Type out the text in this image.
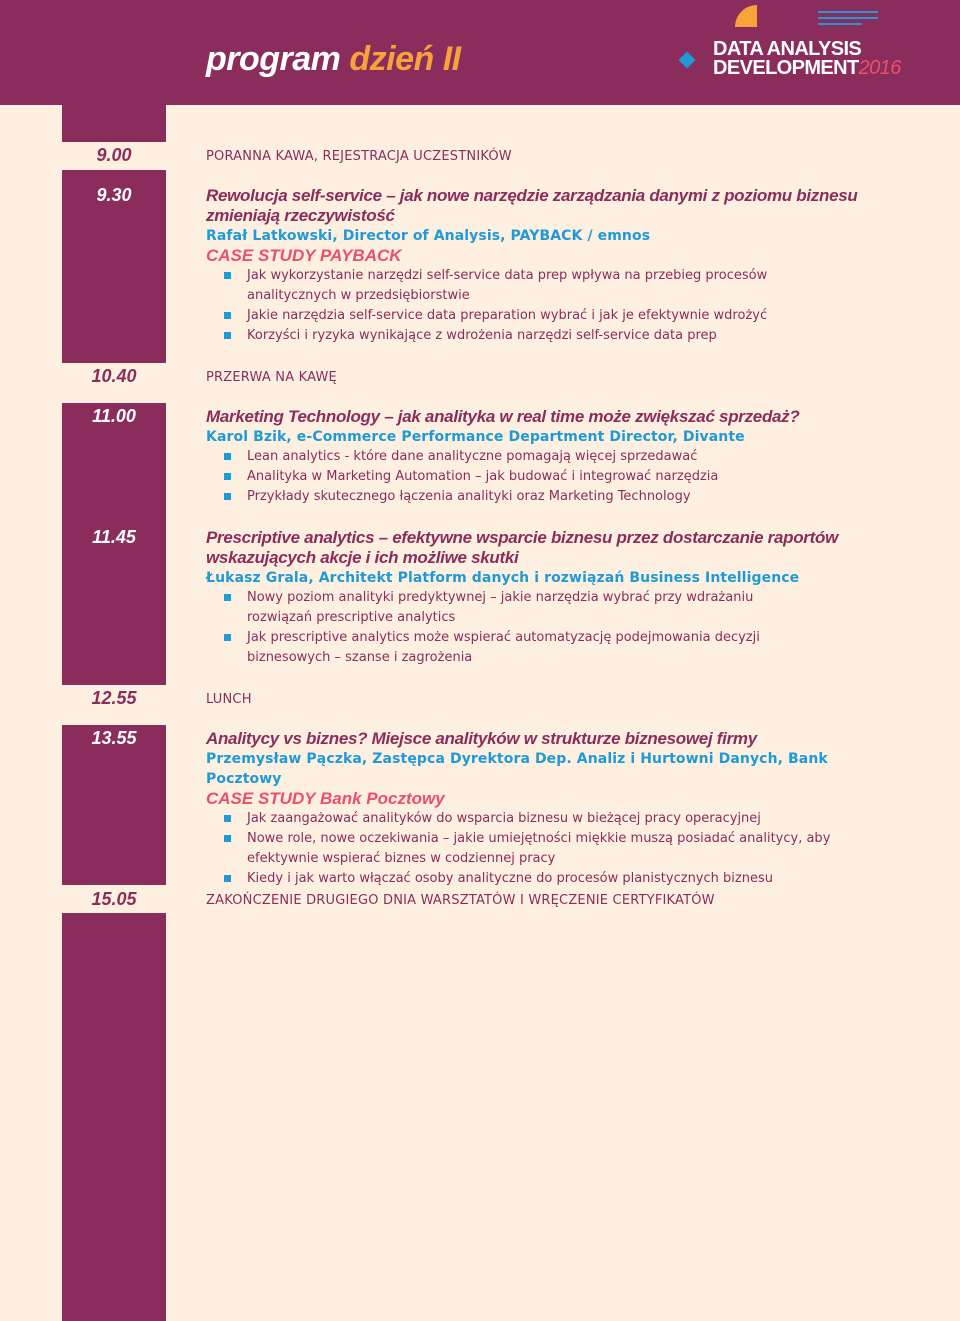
program dzień II	DATA ANALYSIS
DEVELOPMENT2016
9.00
9.30
10.40
11.00
11.45
12.55
13.55
15.05
PORANNA KAWA, REJESTRACJA UCZESTNIKÓW
Rewolucja self-service – jak nowe narzędzie zarządzania danymi z poziomu biznesu zmieniają rzeczywistość
Rafał Latkowski, Director of Analysis, PAYBACK / emnos
CASE STUDY PAYBACK
Jak wykorzystanie narzędzi self-service data prep wpływa na przebieg procesów analitycznych w przedsiębiorstwie
Jakie narzędzia self-service data preparation wybrać i jak je efektywnie wdrożyć
Korzyści i ryzyka wynikające z wdrożenia narzędzi self-service data prep
PRZERWA NA KAWĘ
Marketing Technology – jak analityka w real time może zwiększać sprzedaż?
Karol Bzik, e-Commerce Performance Department Director, Divante
Lean analytics - które dane analityczne pomagają więcej sprzedawać
Analityka w Marketing Automation – jak budować i integrować narzędzia
Przykłady skutecznego łączenia analityki oraz Marketing Technology
Prescriptive analytics – efektywne wsparcie biznesu przez dostarczanie raportów wskazujących akcje i ich możliwe skutki
Łukasz Grala, Architekt Platform danych i rozwiązań Business Intelligence
Nowy poziom analityki predyktywnej – jakie narzędzia wybrać przy wdrażaniu rozwiązań prescriptive analytics
Jak prescriptive analytics może wspierać automatyzację podejmowania decyzji biznesowych – szanse i zagrożenia
LUNCH
Analitycy vs biznes? Miejsce analityków w strukturze biznesowej firmy
Przemysław Pączka, Zastępca Dyrektora Dep. Analiz i Hurtowni Danych, Bank Pocztowy
CASE STUDY Bank Pocztowy
Jak zaangażować analityków do wsparcia biznesu w bieżącej pracy operacyjnej
Nowe role, nowe oczekiwania – jakie umiejętności miękkie muszą posiadać analitycy, aby efektywnie wspierać biznes w codziennej pracy
Kiedy i jak warto włączać osoby analityczne do procesów planistycznych biznesu
ZAKOŃCZENIE DRUGIEGO DNIA WARSZTATÓW I WRĘCZENIE CERTYFIKATÓW
